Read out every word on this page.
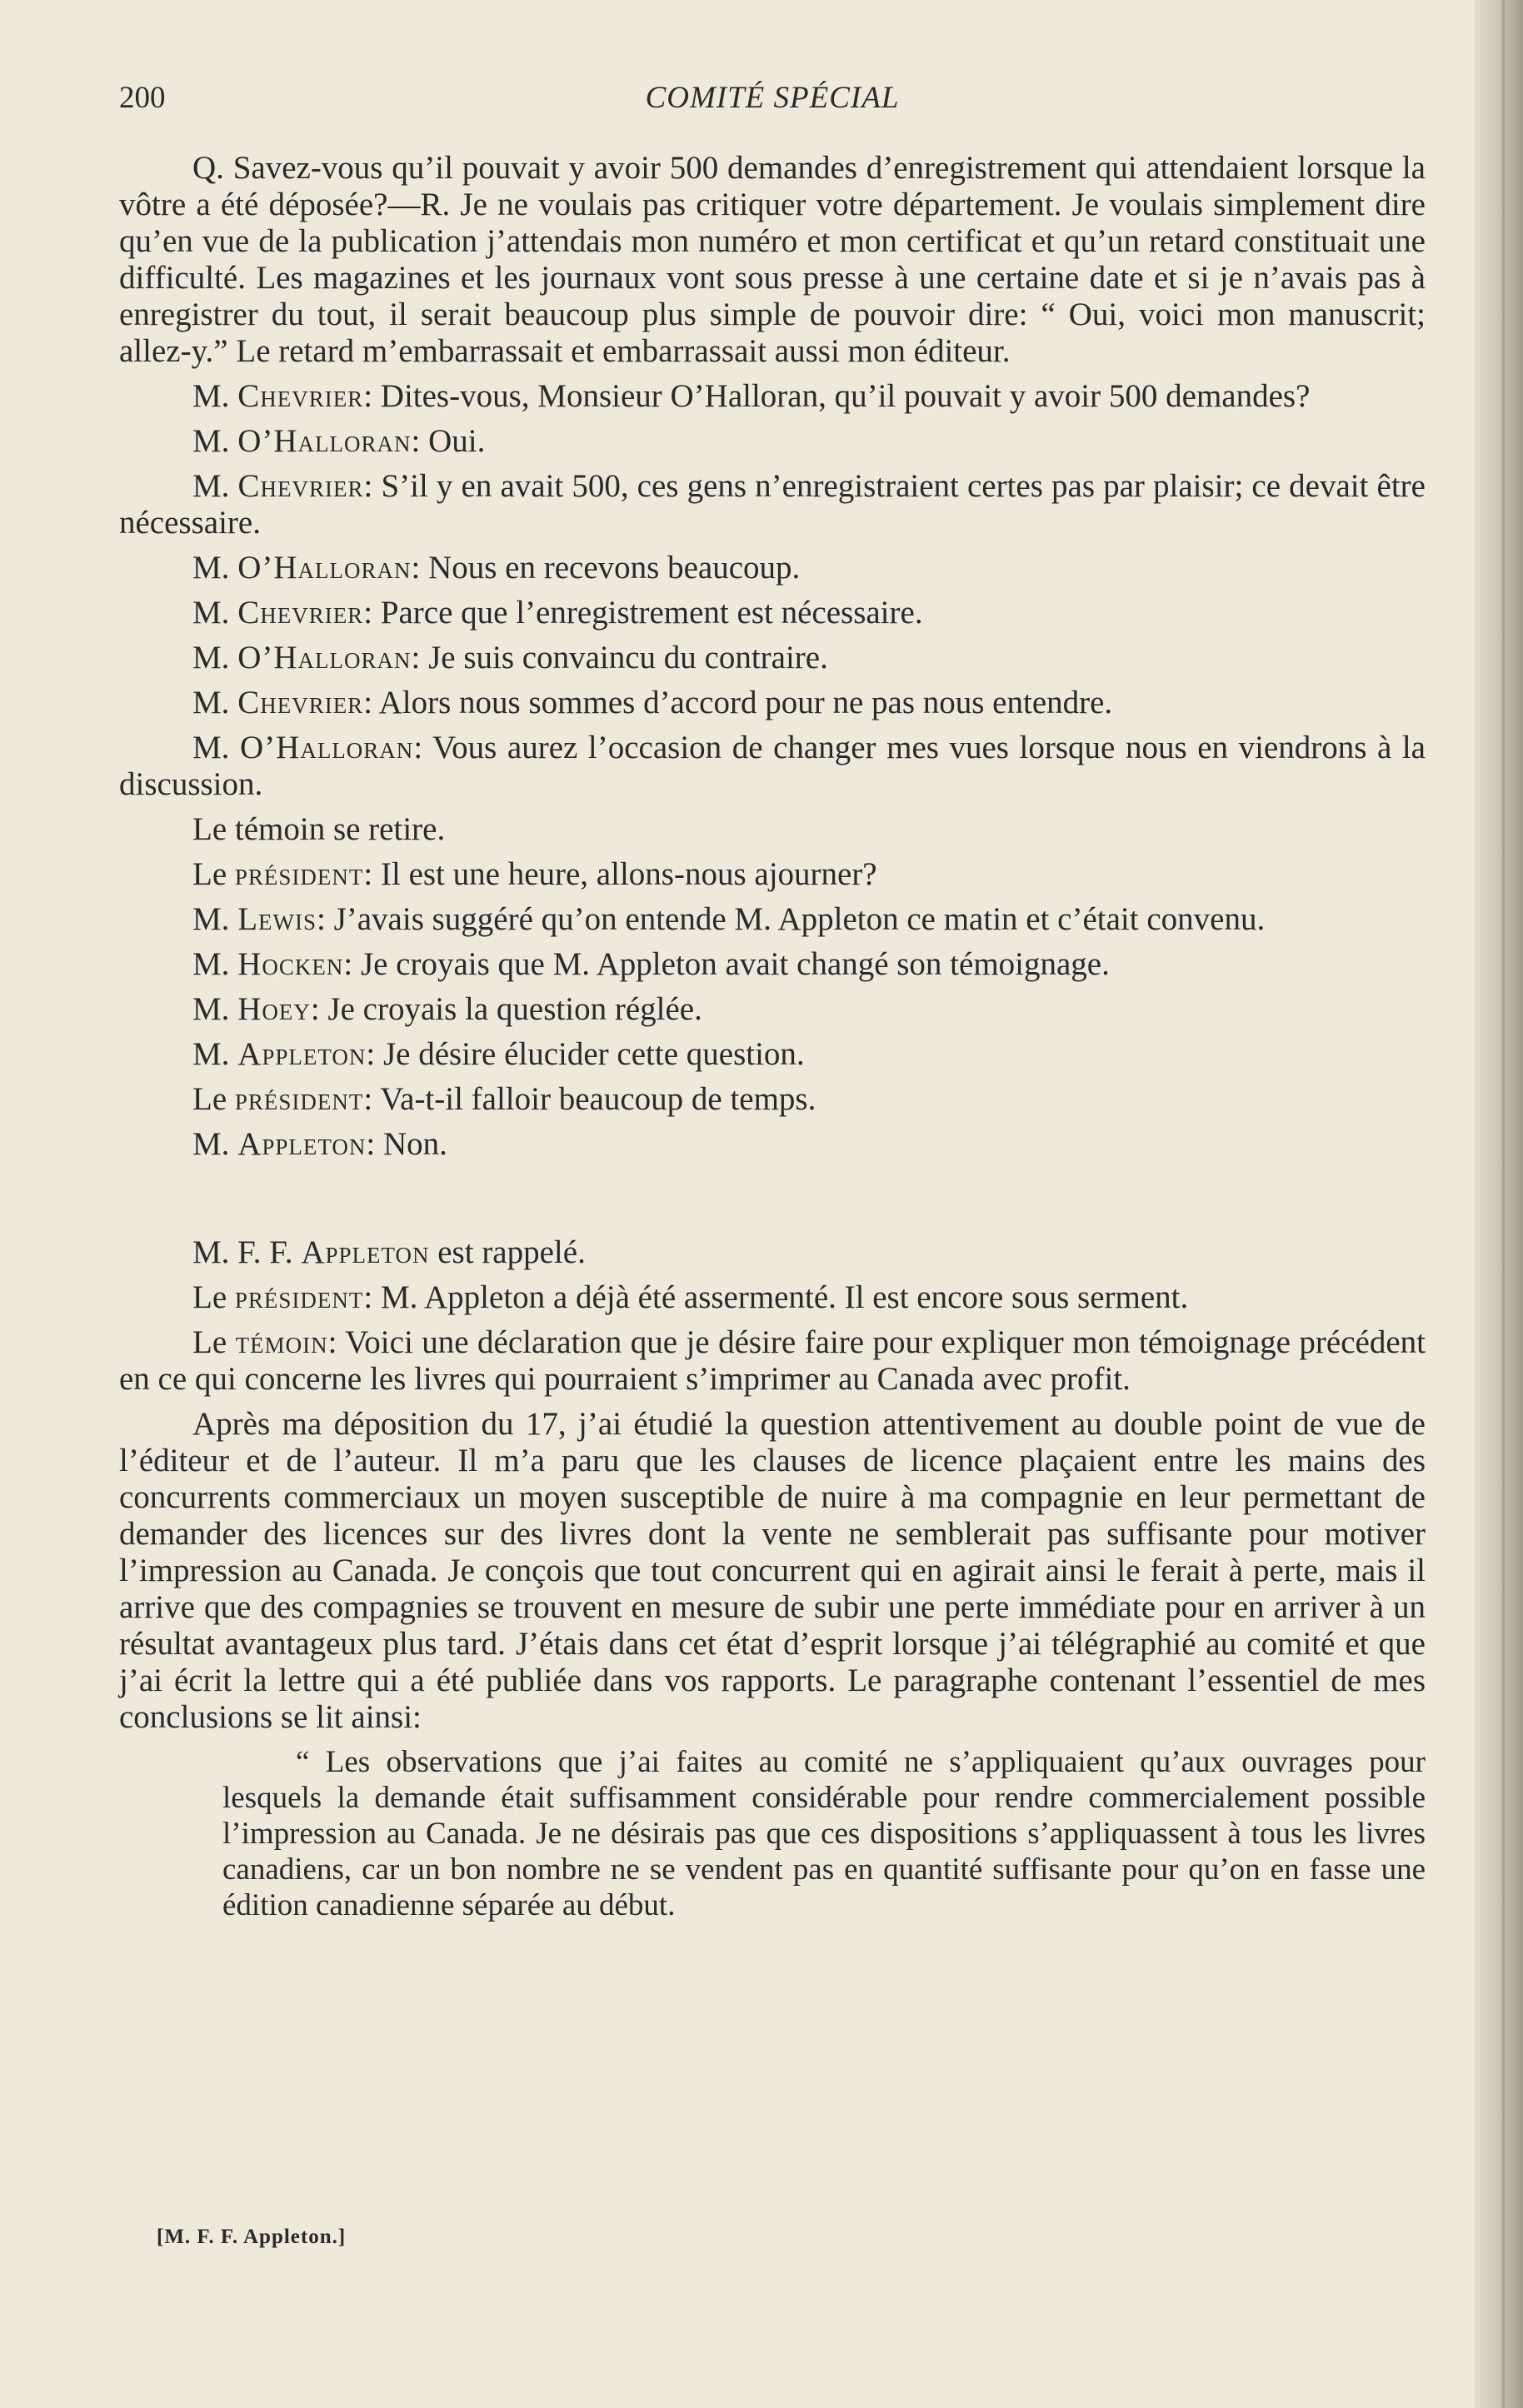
200	COMITÉ SPÉCIAL

Q. Savez-vous qu’il pouvait y avoir 500 demandes d’enregistrement qui attendaient lorsque la vôtre a été déposée?—R. Je ne voulais pas critiquer votre département. Je voulais simplement dire qu’en vue de la publication j’attendais mon numéro et mon certificat et qu’un retard constituait une difficulté. Les magazines et les journaux vont sous presse à une certaine date et si je n’avais pas à enregistrer du tout, il serait beaucoup plus simple de pouvoir dire: “ Oui, voici mon manuscrit; allez-y.” Le retard m’embarrassait et embarrassait aussi mon éditeur.

M. Chevrier: Dites-vous, Monsieur O’Halloran, qu’il pouvait y avoir 500 demandes?

M. O’Halloran: Oui.

M. Chevrier: S’il y en avait 500, ces gens n’enregistraient certes pas par plaisir; ce devait être nécessaire.

M. O’Halloran: Nous en recevons beaucoup.

M. Chevrier: Parce que l’enregistrement est nécessaire.

M. O’Halloran: Je suis convaincu du contraire.

M. Chevrier: Alors nous sommes d’accord pour ne pas nous entendre.

M. O’Halloran: Vous aurez l’occasion de changer mes vues lorsque nous en viendrons à la discussion.

Le témoin se retire.

Le président: Il est une heure, allons-nous ajourner?

M. Lewis: J’avais suggéré qu’on entende M. Appleton ce matin et c’était convenu.

M. Hocken: Je croyais que M. Appleton avait changé son témoignage.

M. Hoey: Je croyais la question réglée.

M. Appleton: Je désire élucider cette question.

Le président: Va-t-il falloir beaucoup de temps.

M. Appleton: Non.

M. F. F. Appleton est rappelé.

Le président: M. Appleton a déjà été assermenté. Il est encore sous serment.

Le témoin: Voici une déclaration que je désire faire pour expliquer mon témoignage précédent en ce qui concerne les livres qui pourraient s’imprimer au Canada avec profit.

Après ma déposition du 17, j’ai étudié la question attentivement au double point de vue de l’éditeur et de l’auteur. Il m’a paru que les clauses de licence plaçaient entre les mains des concurrents commerciaux un moyen susceptible de nuire à ma compagnie en leur permettant de demander des licences sur des livres dont la vente ne semblerait pas suffisante pour motiver l’impression au Canada. Je conçois que tout concurrent qui en agirait ainsi le ferait à perte, mais il arrive que des compagnies se trouvent en mesure de subir une perte immédiate pour en arriver à un résultat avantageux plus tard. J’étais dans cet état d’esprit lorsque j’ai télégraphié au comité et que j’ai écrit la lettre qui a été publiée dans vos rapports. Le paragraphe contenant l’essentiel de mes conclusions se lit ainsi:

“ Les observations que j’ai faites au comité ne s’appliquaient qu’aux ouvrages pour lesquels la demande était suffisamment considérable pour rendre commercialement possible l’impression au Canada. Je ne désirais pas que ces dispositions s’appliquassent à tous les livres canadiens, car un bon nombre ne se vendent pas en quantité suffisante pour qu’on en fasse une édition canadienne séparée au début.

[M. F. F. Appleton.]
